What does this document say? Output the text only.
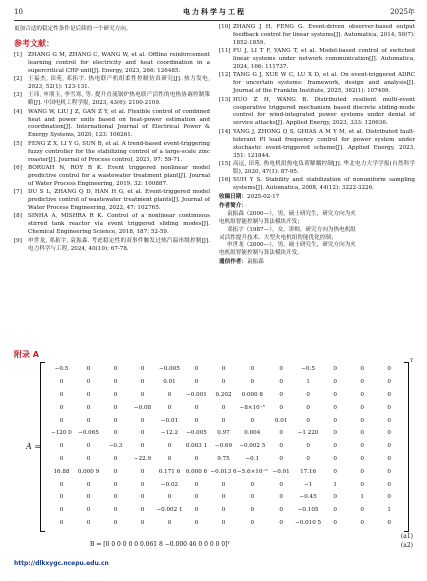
10	电力科学与工程	2025年
更加合适的稳定性条件是后续的一个研究方向。
参考文献：
[1]	ZHANG G M, ZHANG C, WANG W, et al. Offline reinforcement learning control for electricity and heat coordination in a supercritical CHP unit[J]. Energy, 2023, 266: 126485.
[2]	王福杰, 田苑, 邓拓宇. 热电联产机组柔性控制仿真研究[J]. 热力发电, 2023, 52(1): 123-131.
[3]	王玮, 申朋玉, 李雪寒, 等. 提升直流锅炉热电联产活性的电热协调控制策略[J]. 中国电机工程学报, 2023, 43(6): 2100-2109.
[4]	WANG W, LIU J Z, GAN Z Y, et al. Flexible control of combined heat and power units based on heat-power estimation and coordination[J]. International Journal of Electrical Power & Energy Systems, 2020, 123: 106261.
[5]	FENG Z X, LI Y G, SUN B, et al. A trend-based event-triggering fuzzy controller for the stabilizing control of a large-scale zinc roaster[J]. Journal of Process control, 2021, 97: 59-71.
[6]	BORUAH N, ROY B K. Event triggered nonlinear model predictive control for a wastewater treatment plant[J]. Journal of Water Process Engineering, 2019, 32: 100887.
[7]	DU S L, ZHANG Q D, HAN H G, et al. Event-triggered model predictive control of wastewater treatment plants[J]. Journal of Water Process Engineering, 2022, 47: 102765.
[8]	SINHA A, MISHRA R K. Control of a nonlinear continuous stirred tank reactor via event triggered sliding modes[J]. Chemical Engineering Science, 2018, 187: 52-59.
[9]	申世龙, 邓拓宇, 袁振森. 考虑稳定性的双事件触发过热汽温串级控制[J]. 电力科学与工程, 2024, 40(10): 67-78.
[10] ZHANG J H, FENG G. Event-driven observer-based output feedback control for linear systems[J]. Automatica, 2014, 50(7): 1852-1859.
[11] FU J, LI T F, YANG T, et al. Model-based control of switched linear systems under network communication[J]. Automatica, 2024, 166: 111737.
[12] TANG G J, XUE W C, LU X D, et al. On event-triggered ADRC for uncertain systems: framework, design and analysis[J]. Journal of the Franklin Institute, 2025, 362(1): 107409.
[13] HUO Z H, WANG B. Distributed resilient multi-event cooperative triggered mechanism based discrete sliding-mode control for wind-integrated power systems under denial of service attacks[J]. Applied Energy, 2023, 333: 120636.
[14] YANG J, ZHONG Q S, GHIAS A M Y M, et al. Distributed fault-tolerant PI load frequency control for power system under stochastic event-triggered scheme[J]. Applied Energy, 2023, 351: 121844.
[15] 高远, 田苑. 热电机组热电负荷解耦控制[J]. 华北电力大学学报(自然科学版), 2020, 47(1): 87-95.
[16] SUH Y S. Stability and stabilization of nonuniform sampling systems[J]. Automatica, 2008, 44(12): 3222-3226.
收稿日期：2025-02-17
作者简介：

袁振森（2000—），男，硕士研究生，研究方向为火

电机组智能控制与算法模块开发；

邓拓宇（1987—），女，讲师，研究方向为热电机组

灵活性提升技术、大型火电机组智能优化控制；

申世龙（2000—），男，硕士研究生，研究方向为火

电机组智能控制与算法模块开发。

通信作者：袁振森
附录 A
A =
T
−0.5	0	0	0	−0.005	0	0	0	0	−0.5	0	0	0
0	0	0	0	0.01	0	0	0	0	1	0	0	0
0	0	0	0	0	−0.001	0.202	0.000 8	0	0	0	0	0
0	0	0	−0.08	0	0	0	−8×10⁻⁵	0	0	0	0	0
0	0	0	0	−0.01	0	0	0	0.01	0	0	0	0
−120 0	−0.065	0	0	−12.2	−0.005	0.97	0.004	0	−1 220	0	0	0
0	0	−0.3	0	0	0.003 1	−0.69	−0.002 5	0	0	0	0	0
0	0	0	−22.9	0	0	9.75	−0.1	0	0	0	0	0
16.88	0.000 9	0	0	0.171 6	0.000 6	−0.013 6	−5.6×10⁻⁵	−0.01	17.16	0	0	0
0	0	0	0	−0.02	0	0	0	0	−1	1	0	0
0	0	0	0	0	0	0	0	0	−0.45	0	1	0
0	0	0	0	−0.002 1	0	0	0	0	−0.105	0	0	1
0	0	0	0	0	0	0	0	0	−0.010 5	0	0	0
(a1)
B = [0 0 0 0 0 0 0.061 8 −0.000 46 0 0 0 0 0]ᵀ	(a2)
http://dlkxygc.ncepu.edu.cn
